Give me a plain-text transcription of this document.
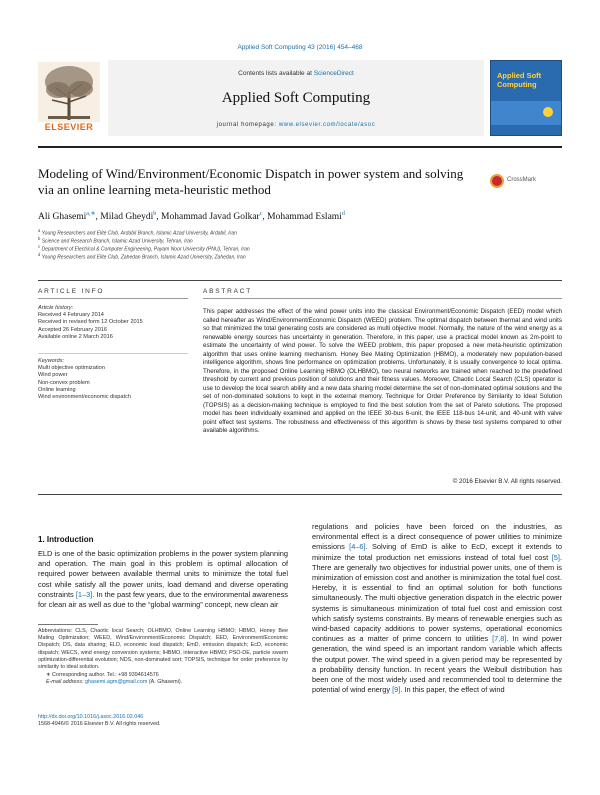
Applied Soft Computing 43 (2016) 454–468
ELSEVIER
Contents lists available at ScienceDirect
Applied Soft Computing
journal homepage: www.elsevier.com/locate/asoc
Applied Soft Computing
Modeling of Wind/Environment/Economic Dispatch in power system and solving via an online learning meta-heuristic method
CrossMark
Ali Ghasemi$^{a,∗}$, Milad Gheydi$^b$, Mohammad Javad Golkar$^c$, Mohammad Eslami$^d$
$^a$ Young Researchers and Elite Club, Ardabil Branch, Islamic Azad University, Ardabil, Iran
$^b$ Science and Research Branch, Islamic Azad University, Tehran, Iran
$^c$ Department of Electrical & Computer Engineering, Payam Noor University (PNU), Tehran, Iran
$^d$ Young Researchers and Elite Club, Zahedan Branch, Islamic Azad University, Zahedan, Iran
ARTICLE INFO
Article history:
Received 4 February 2014
Received in revised form 12 October 2015
Accepted 26 February 2016
Available online 2 March 2016
Keywords:
Multi objective optimization
Wind power
Non-convex problem
Online learning
Wind environment/economic dispatch
ABSTRACT
This paper addresses the effect of the wind power units into the classical Environment/Economic Dispatch (EED) model which called hereafter as Wind/Environment/Economic Dispatch (WEED) problem. The optimal dispatch between thermal and wind units so that minimized the total generating costs are considered as multi objective model. Normally, the nature of the wind energy as a renewable energy sources has uncertainty in generation. Therefore, in this paper, use a practical model known as 2m-point to estimate the uncertainty of wind power. To solve the WEED problem, this paper proposed a new meta-heuristic optimization algorithm that uses online learning mechanism. Honey Bee Mating Optimization (HBMO), a moderately new population-based intelligence algorithm, shows fine performance on optimization problems. Unfortunately, it is usually convergence to local optima. Therefore, in the proposed Online Learning HBMO (OLHBMO), two neural networks are trained when reached to the predefined threshold by current and previous position of solutions and their fitness values. Moreover, Chaotic Local Search (CLS) operator is use to develop the local search ability and a new data sharing model determine the set of non-dominated optimal solutions and the set of non-dominated solutions to kept in the external memory. Technique for Order Preference by Similarity to Ideal Solution (TOPSIS) as a decision-making technique is employed to find the best solution from the set of Pareto solutions. The proposed model has been individually examined and applied on the IEEE 30-bus 6-unit, the IEEE 118-bus 14-unit, and 40-unit with valve point effect test systems. The robustness and effectiveness of this algorithm is shows by these test systems compared to other available algorithms.
© 2016 Elsevier B.V. All rights reserved.
1. Introduction
ELD is one of the basic optimization problems in the power system planning and operation. The main goal in this problem is optimal allocation of required power between available thermal units to minimize the total fuel cost while satisfy all the power units, load demand and diverse operating constraints [1–3]. In the past few years, due to the environmental awareness for clean air as well as due to the “global warming” concept, new clean air
regulations and policies have been forced on the industries, as environmental effect is a direct consequence of power utilities to minimize emissions [4–6]. Solving of EmD is alike to EcD, except it extends to minimize the total production net emissions instead of total fuel cost [5]. There are generally two objectives for industrial power units, one of them is minimization of emission cost and another is minimization the total fuel cost. Hereby, it is essential to find an optimal solution for both functions simultaneously. The multi objective generation dispatch in the electric power systems is simultaneous minimization of total fuel cost and emission cost which satisfy systems constraints. By means of renewable energies such as wind-based capacity additions to power systems, operational economics continues as a matter of prime concern to utilities [7,8]. In wind power generation, the wind speed is an important random variable which affects the output power. The wind speed in a given period may be represented by a probability density function. In recent years the Weibull distribution has been one of the most widely used and recommended tool to determine the potential of wind energy [9]. In this paper, the effect of wind
Abbreviations: CLS, Chaotic local Search; OLHBMO, Online Learning HBMO; HBMO, Honey Bee Mating Optimization; WEED, Wind/Environment/Economic Dispatch; EED, Environment/Economic Dispatch; DS, data sharing; ELD, economic load dispatch; EmD, emission dispatch; EcD, economic dispatch; WECS, wind energy conversion systems; IHBMO, interactive HBMO; PSO-DE, particle swarm optimization-differential evolution; NDS, non-dominated sort; TOPSIS, technique for order preference by similarity to ideal solution.
∗ Corresponding author. Tel.: +98 9394614576
E-mail address: ghasemi.agm@gmail.com (A. Ghasemi).
http://dx.doi.org/10.1016/j.asoc.2016.02.046
1568-4946/© 2016 Elsevier B.V. All rights reserved.
